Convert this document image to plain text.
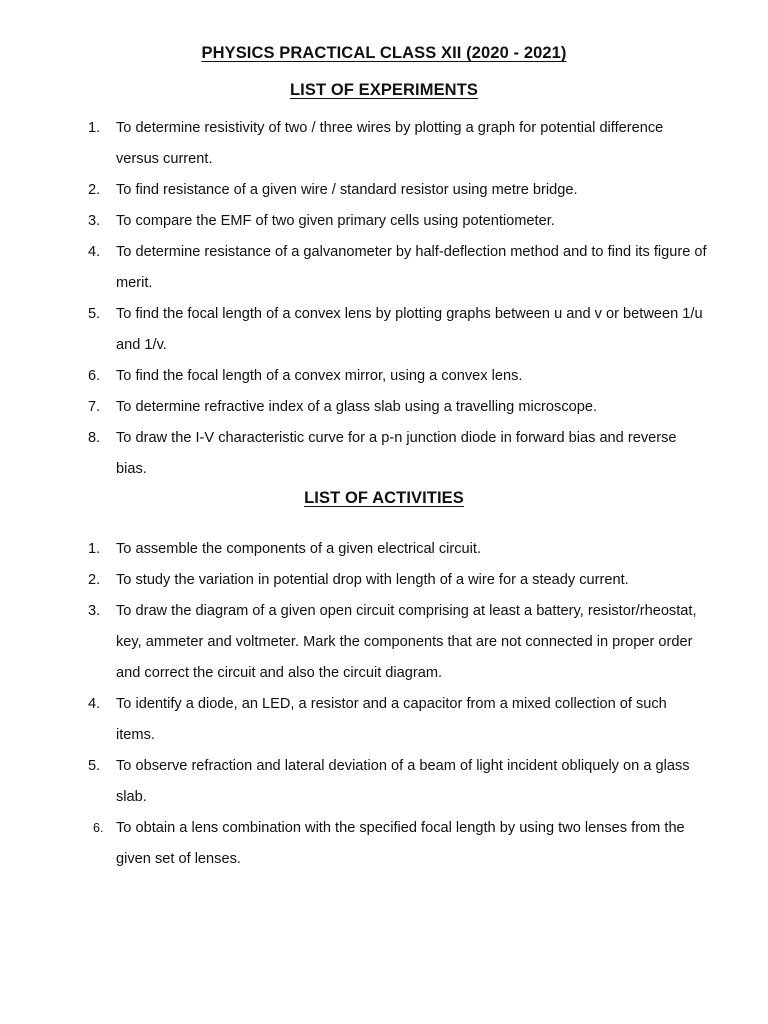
PHYSICS PRACTICAL CLASS XII (2020 - 2021)
LIST OF EXPERIMENTS
1. To determine resistivity of two / three wires by plotting a graph for potential difference versus current.
2. To find resistance of a given wire / standard resistor using metre bridge.
3. To compare the EMF of two given primary cells using potentiometer.
4. To determine resistance of a galvanometer by half-deflection method and to find its figure of merit.
5. To find the focal length of a convex lens by plotting graphs between u and v or between 1/u and 1/v.
6. To find the focal length of a convex mirror, using a convex lens.
7. To determine refractive index of a glass slab using a travelling microscope.
8. To draw the I-V characteristic curve for a p-n junction diode in forward bias and reverse bias.
LIST OF ACTIVITIES
1. To assemble the components of a given electrical circuit.
2. To study the variation in potential drop with length of a wire for a steady current.
3. To draw the diagram of a given open circuit comprising at least a battery, resistor/rheostat, key, ammeter and voltmeter. Mark the components that are not connected in proper order and correct the circuit and also the circuit diagram.
4. To identify a diode, an LED, a resistor and a capacitor from a mixed collection of such items.
5. To observe refraction and lateral deviation of a beam of light incident obliquely on a glass slab.
6. To obtain a lens combination with the specified focal length by using two lenses from the given set of lenses.
